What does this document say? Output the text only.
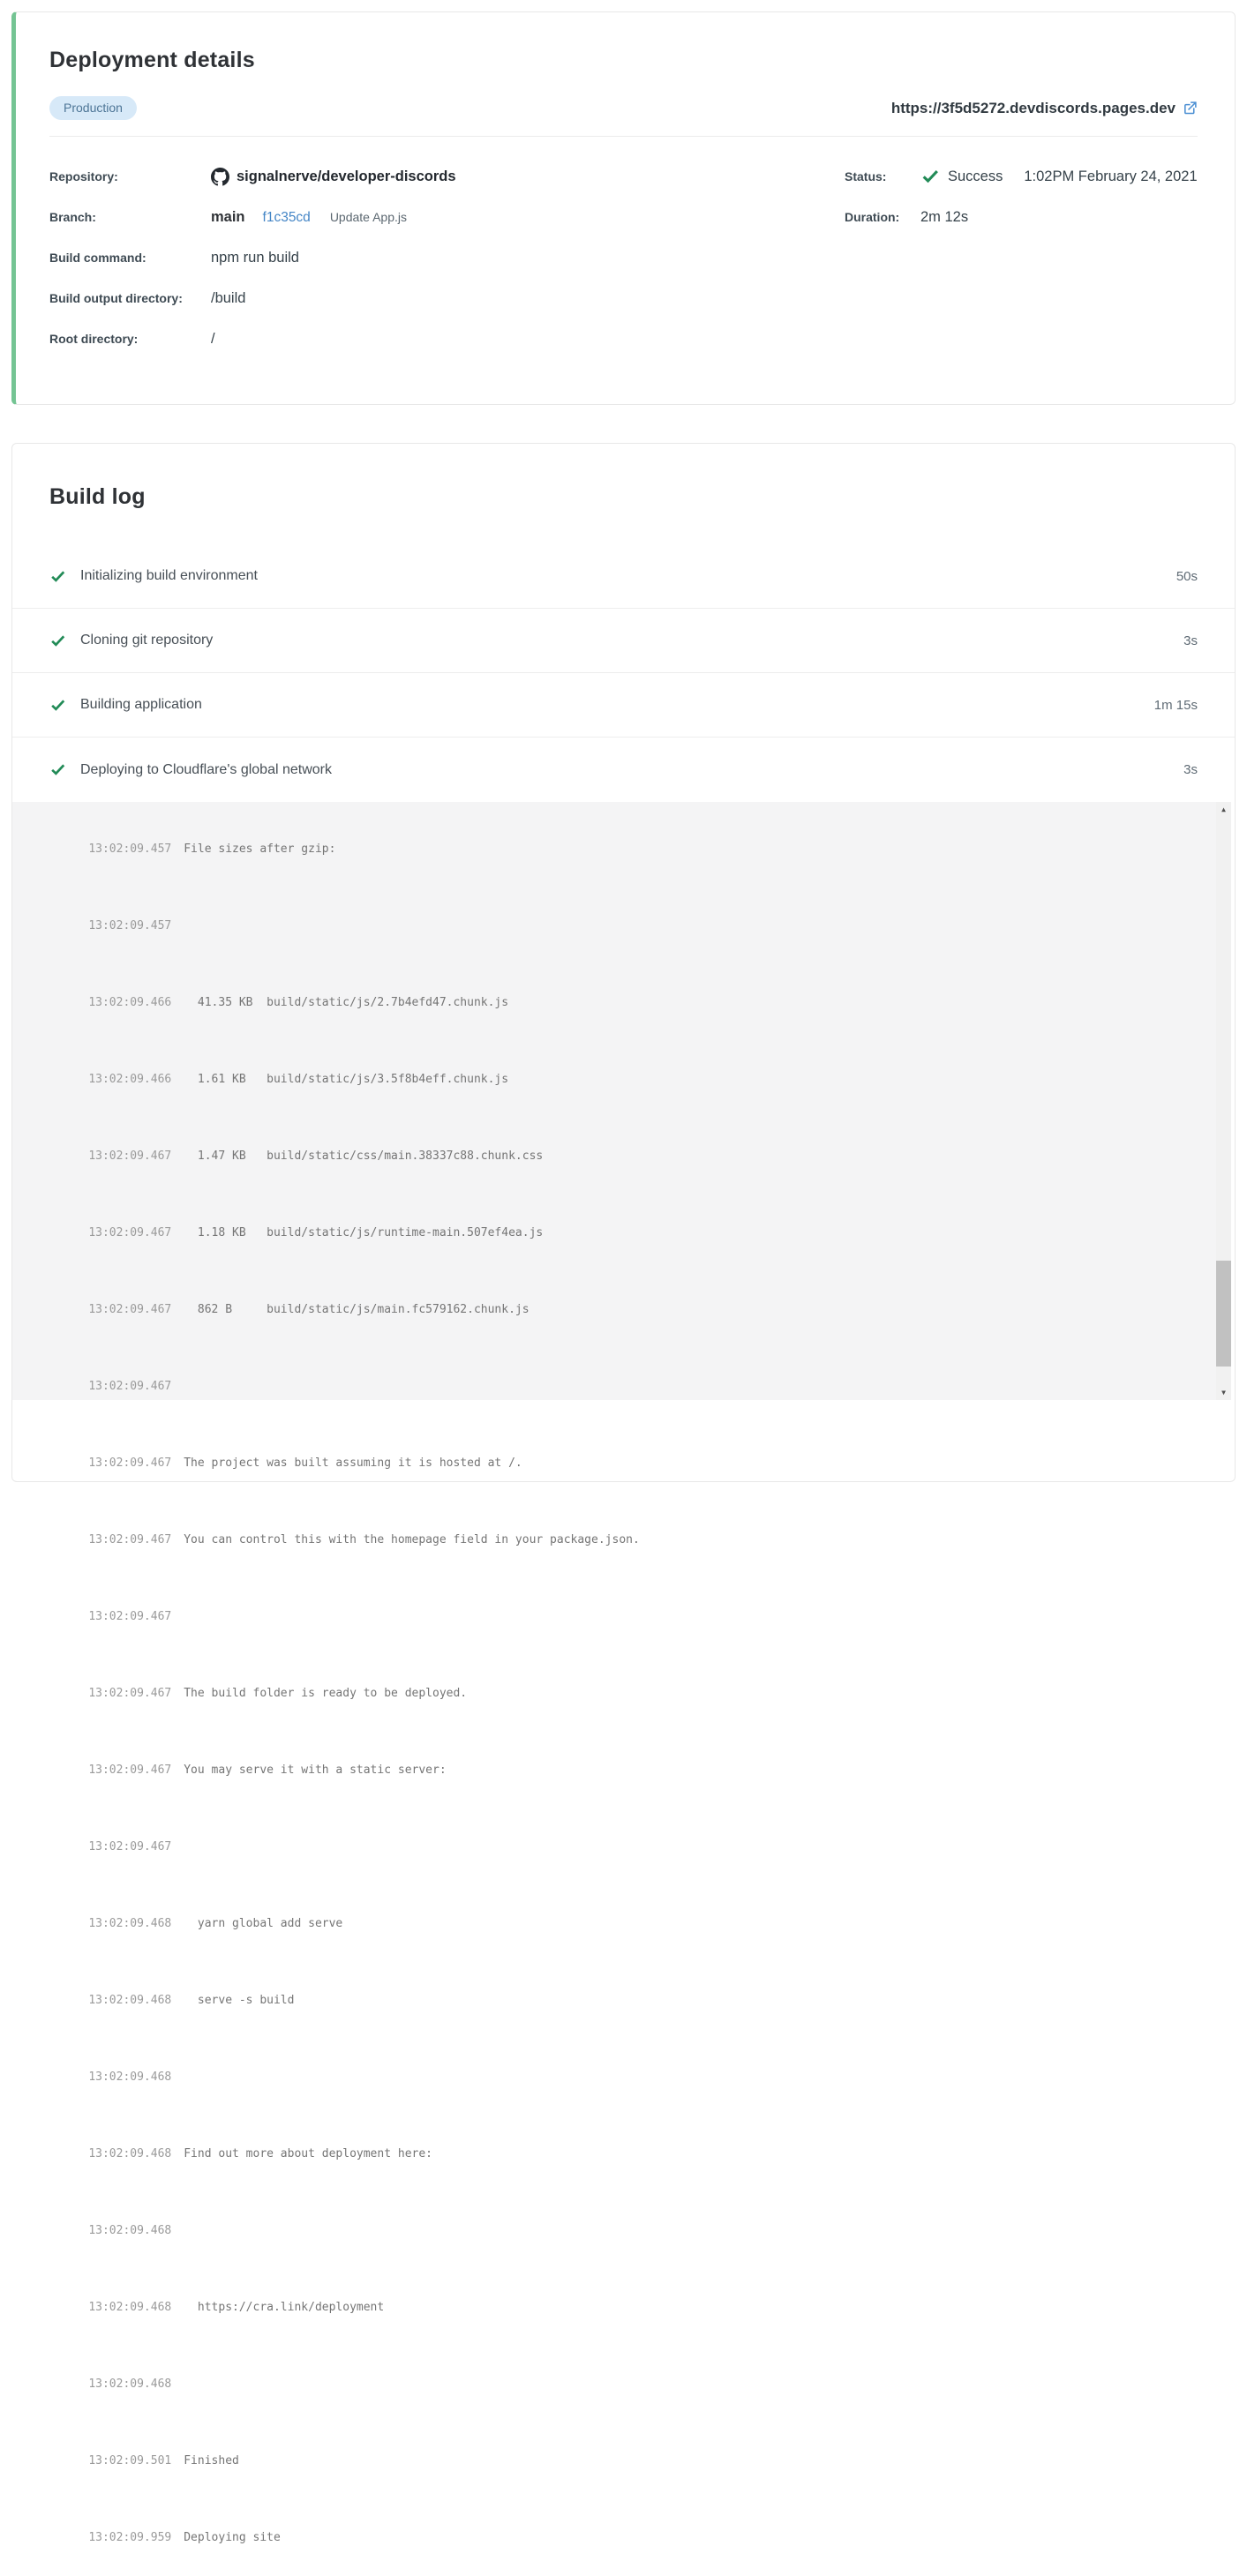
Deployment details
Production	https://3f5d5272.devdiscords.pages.dev
Repository:	signalnerve/developer-discords
Branch:	main f1c35cd Update App.js
Build command:	npm run build
Build output directory:	/build
Root directory:	/
Status:	Success 1:02PM February 24, 2021
Duration:	2m 12s
Build log
Initializing build environment	50s
Cloning git repository	3s
Building application	1m 15s
Deploying to Cloudflare's global network	3s

13:02:09.457 File sizes after gzip:

13:02:09.457

13:02:09.466  41.35 KB  build/static/js/2.7b4efd47.chunk.js

13:02:09.466  1.61 KB   build/static/js/3.5f8b4eff.chunk.js

13:02:09.467  1.47 KB   build/static/css/main.38337c88.chunk.css

13:02:09.467  1.18 KB   build/static/js/runtime-main.507ef4ea.js

13:02:09.467  862 B     build/static/js/main.fc579162.chunk.js

13:02:09.467

13:02:09.467 The project was built assuming it is hosted at /.

13:02:09.467 You can control this with the homepage field in your package.json.

13:02:09.467

13:02:09.467 The build folder is ready to be deployed.

13:02:09.467 You may serve it with a static server:

13:02:09.467

13:02:09.468  yarn global add serve

13:02:09.468  serve -s build

13:02:09.468

13:02:09.468 Find out more about deployment here:

13:02:09.468

13:02:09.468  https://cra.link/deployment

13:02:09.468

13:02:09.501 Finished

13:02:09.959 Deploying site

▲
▼
